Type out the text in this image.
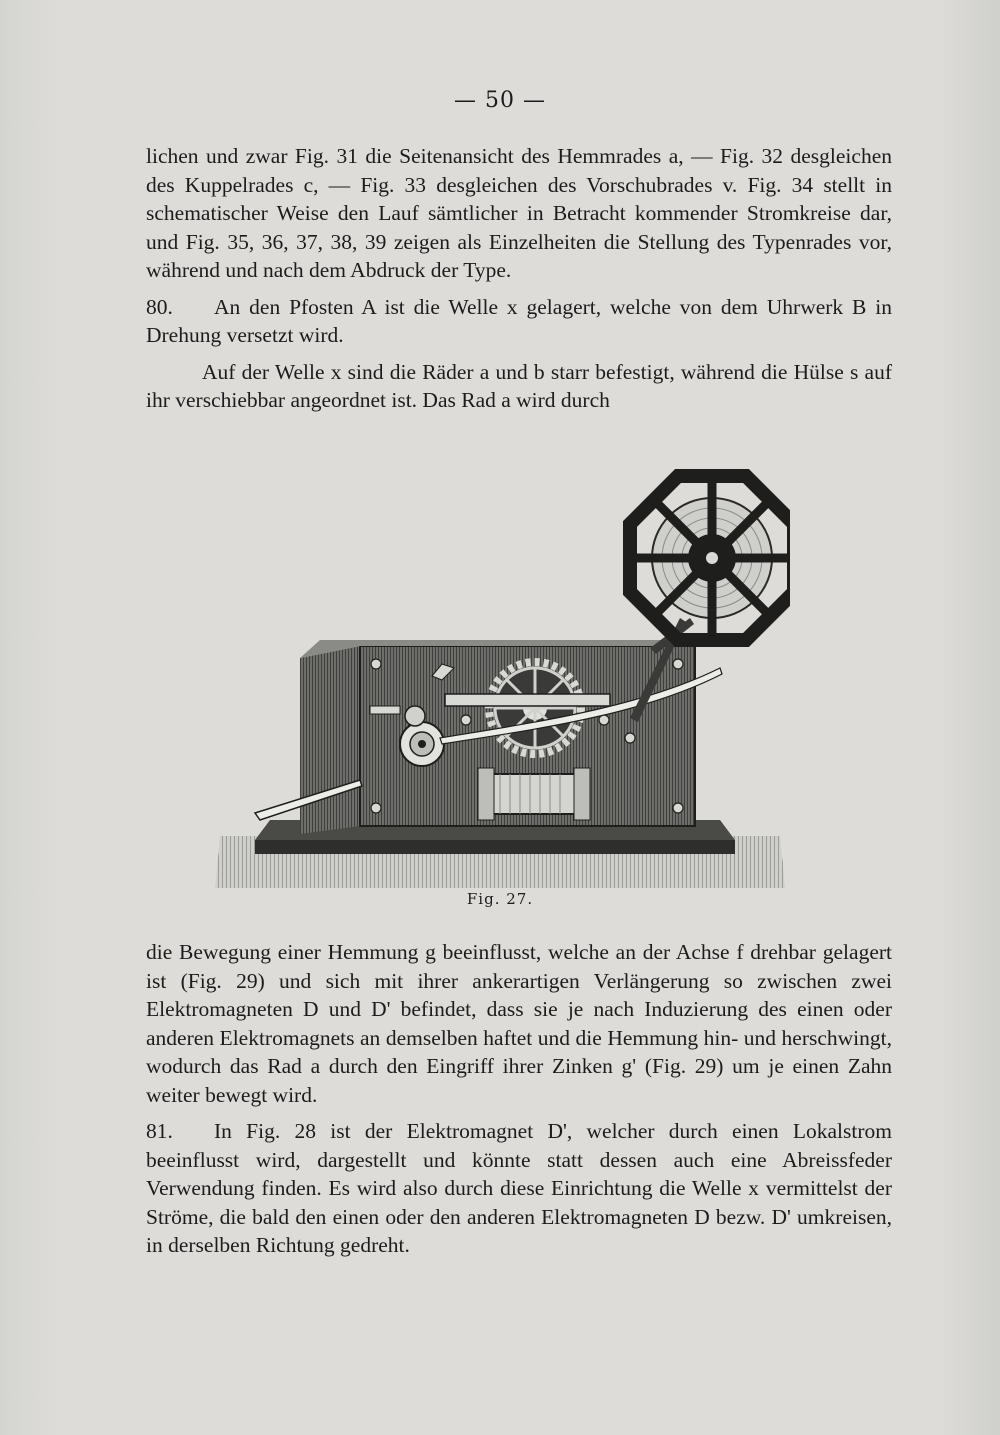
— 50 —

lichen und zwar Fig. 31 die Seitenansicht des Hemmrades a, — Fig. 32 desgleichen des Kuppelrades c, — Fig. 33 desgleichen des Vorschubrades v. Fig. 34 stellt in schematischer Weise den Lauf sämtlicher in Betracht kommender Stromkreise dar, und Fig. 35, 36, 37, 38, 39 zeigen als Einzelheiten die Stellung des Typenrades vor, während und nach dem Abdruck der Type.

80. An den Pfosten A ist die Welle x gelagert, welche von dem Uhrwerk B in Drehung versetzt wird.

Auf der Welle x sind die Räder a und b starr befestigt, während die Hülse s auf ihr verschiebbar angeordnet ist. Das Rad a wird durch

Fig. 27.

die Bewegung einer Hemmung g beeinflusst, welche an der Achse f drehbar gelagert ist (Fig. 29) und sich mit ihrer ankerartigen Verlängerung so zwischen zwei Elektromagneten D und D' befindet, dass sie je nach Induzierung des einen oder anderen Elektromagnets an demselben haftet und die Hemmung hin- und herschwingt, wodurch das Rad a durch den Eingriff ihrer Zinken g' (Fig. 29) um je einen Zahn weiter bewegt wird.

81. In Fig. 28 ist der Elektromagnet D', welcher durch einen Lokalstrom beeinflusst wird, dargestellt und könnte statt dessen auch eine Abreissfeder Verwendung finden. Es wird also durch diese Einrichtung die Welle x vermittelst der Ströme, die bald den einen oder den anderen Elektromagneten D bezw. D' umkreisen, in derselben Richtung gedreht.
